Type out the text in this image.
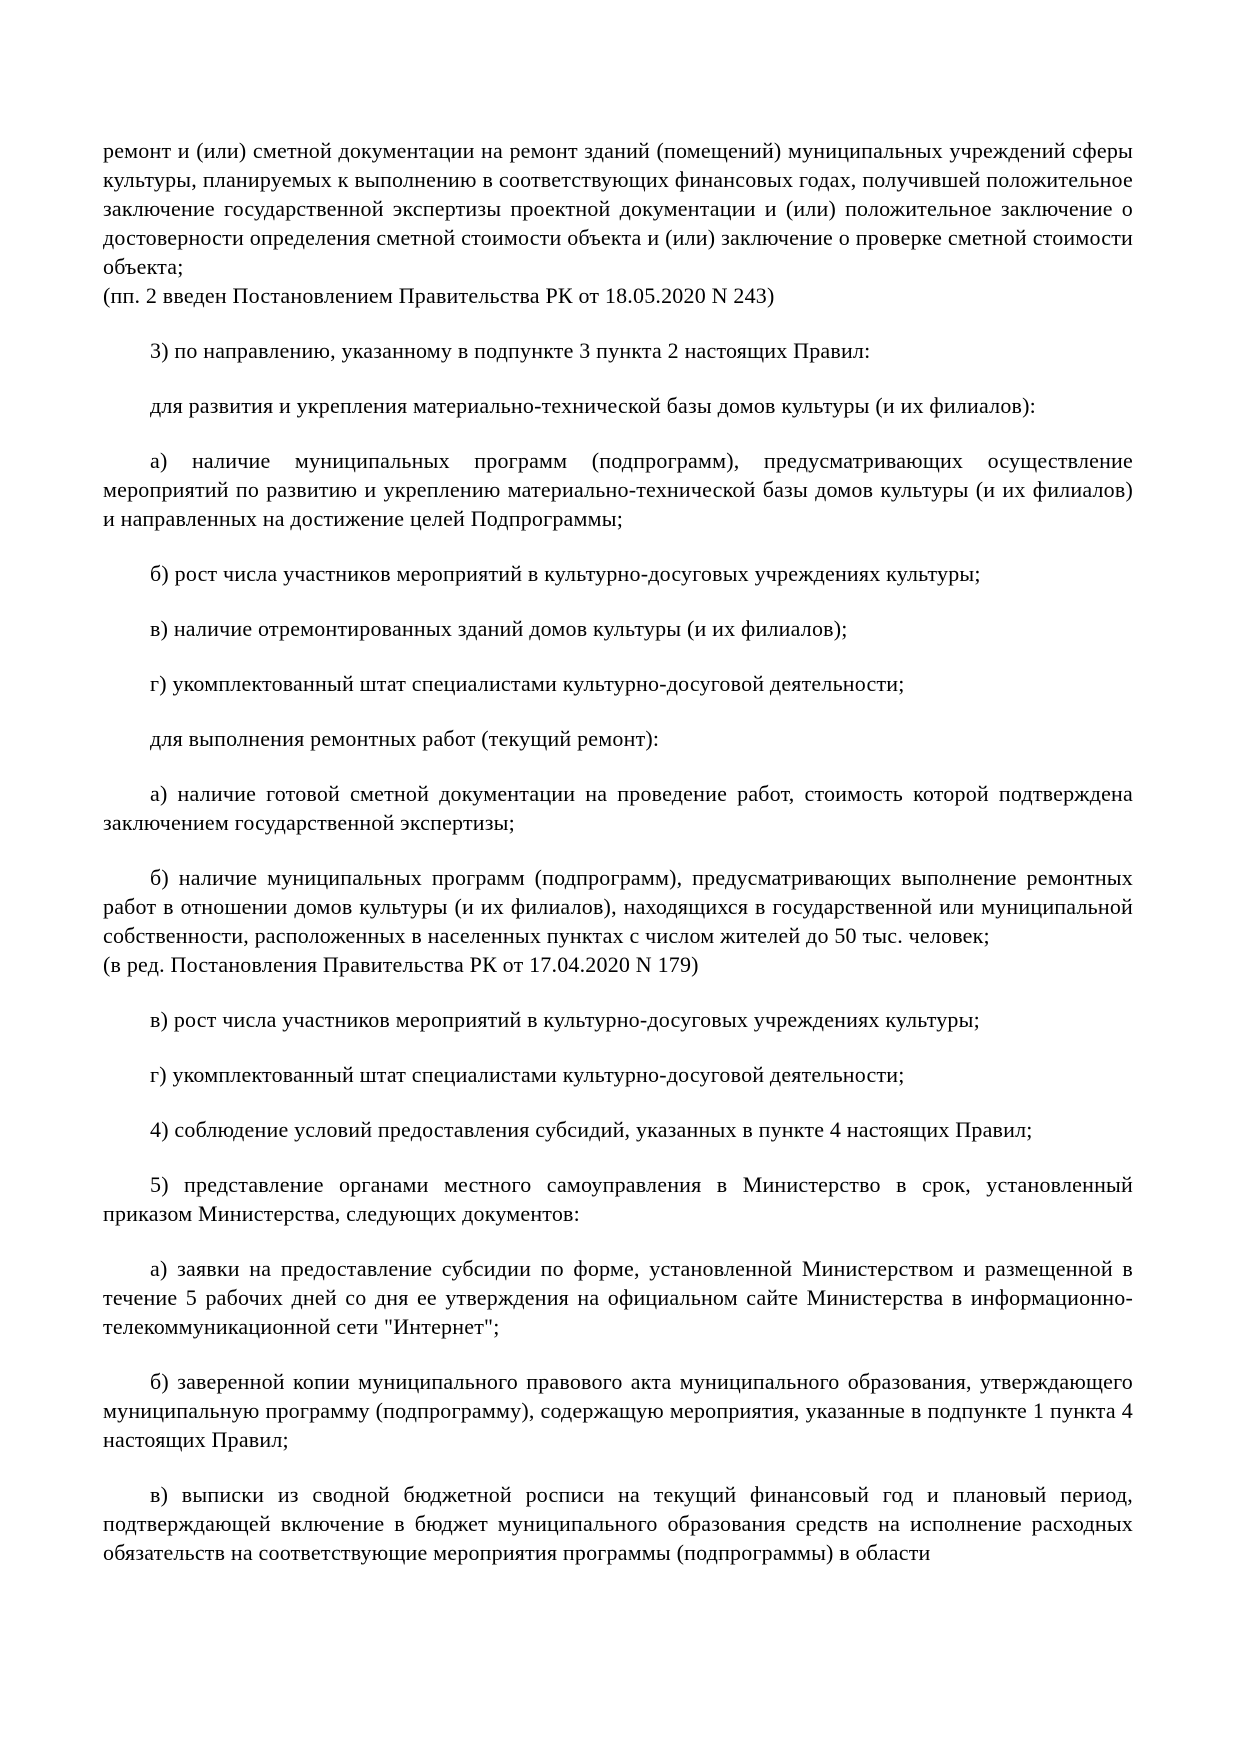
ремонт и (или) сметной документации на ремонт зданий (помещений) муниципальных учреждений сферы культуры, планируемых к выполнению в соответствующих финансовых годах, получившей положительное заключение государственной экспертизы проектной документации и (или) положительное заключение о достоверности определения сметной стоимости объекта и (или) заключение о проверке сметной стоимости объекта;

(пп. 2 введен Постановлением Правительства РК от 18.05.2020 N 243)

3) по направлению, указанному в подпункте 3 пункта 2 настоящих Правил:

для развития и укрепления материально-технической базы домов культуры (и их филиалов):

а) наличие муниципальных программ (подпрограмм), предусматривающих осуществление мероприятий по развитию и укреплению материально-технической базы домов культуры (и их филиалов) и направленных на достижение целей Подпрограммы;

б) рост числа участников мероприятий в культурно-досуговых учреждениях культуры;

в) наличие отремонтированных зданий домов культуры (и их филиалов);

г) укомплектованный штат специалистами культурно-досуговой деятельности;

для выполнения ремонтных работ (текущий ремонт):

а) наличие готовой сметной документации на проведение работ, стоимость которой подтверждена заключением государственной экспертизы;

б) наличие муниципальных программ (подпрограмм), предусматривающих выполнение ремонтных работ в отношении домов культуры (и их филиалов), находящихся в государственной или муниципальной собственности, расположенных в населенных пунктах с числом жителей до 50 тыс. человек;

(в ред. Постановления Правительства РК от 17.04.2020 N 179)

в) рост числа участников мероприятий в культурно-досуговых учреждениях культуры;

г) укомплектованный штат специалистами культурно-досуговой деятельности;

4) соблюдение условий предоставления субсидий, указанных в пункте 4 настоящих Правил;

5) представление органами местного самоуправления в Министерство в срок, установленный приказом Министерства, следующих документов:

а) заявки на предоставление субсидии по форме, установленной Министерством и размещенной в течение 5 рабочих дней со дня ее утверждения на официальном сайте Министерства в информационно-телекоммуникационной сети "Интернет";

б) заверенной копии муниципального правового акта муниципального образования, утверждающего муниципальную программу (подпрограмму), содержащую мероприятия, указанные в подпункте 1 пункта 4 настоящих Правил;

в) выписки из сводной бюджетной росписи на текущий финансовый год и плановый период, подтверждающей включение в бюджет муниципального образования средств на исполнение расходных обязательств на соответствующие мероприятия программы (подпрограммы) в области
